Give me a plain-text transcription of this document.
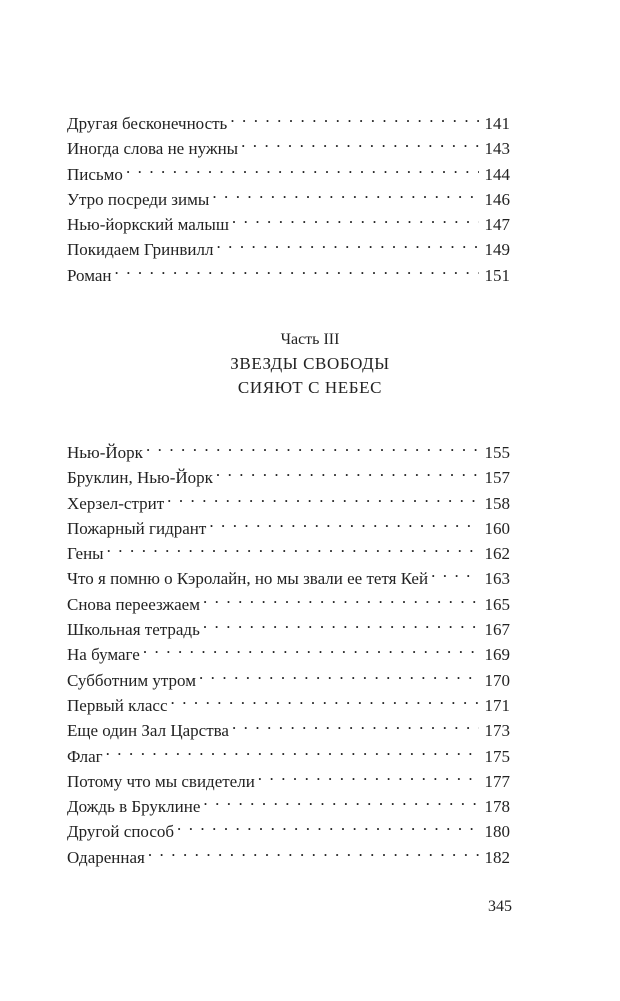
Другая бесконечность . . .	141
Иногда слова не нужны . . .	143
Письмо . . .	144
Утро посреди зимы . . .	146
Нью-йоркский малыш . . .	147
Покидаем Гринвилл . . .	149
Роман . . .	151
Часть III
ЗВЕЗДЫ СВОБОДЫ
СИЯЮТ С НЕБЕС
Нью-Йорк . . .	155
Бруклин, Нью-Йорк . . .	157
Херзел-стрит . . .	158
Пожарный гидрант . . .	160
Гены . . .	162
Что я помню о Кэролайн, но мы звали ее тетя Кей . . .	163
Снова переезжаем . . .	165
Школьная тетрадь . . .	167
На бумаге . . .	169
Субботним утром . . .	170
Первый класс . . .	171
Еще один Зал Царства . . .	173
Флаг . . .	175
Потому что мы свидетели . . .	177
Дождь в Бруклине . . .	178
Другой способ . . .	180
Одаренная . . .	182
345
